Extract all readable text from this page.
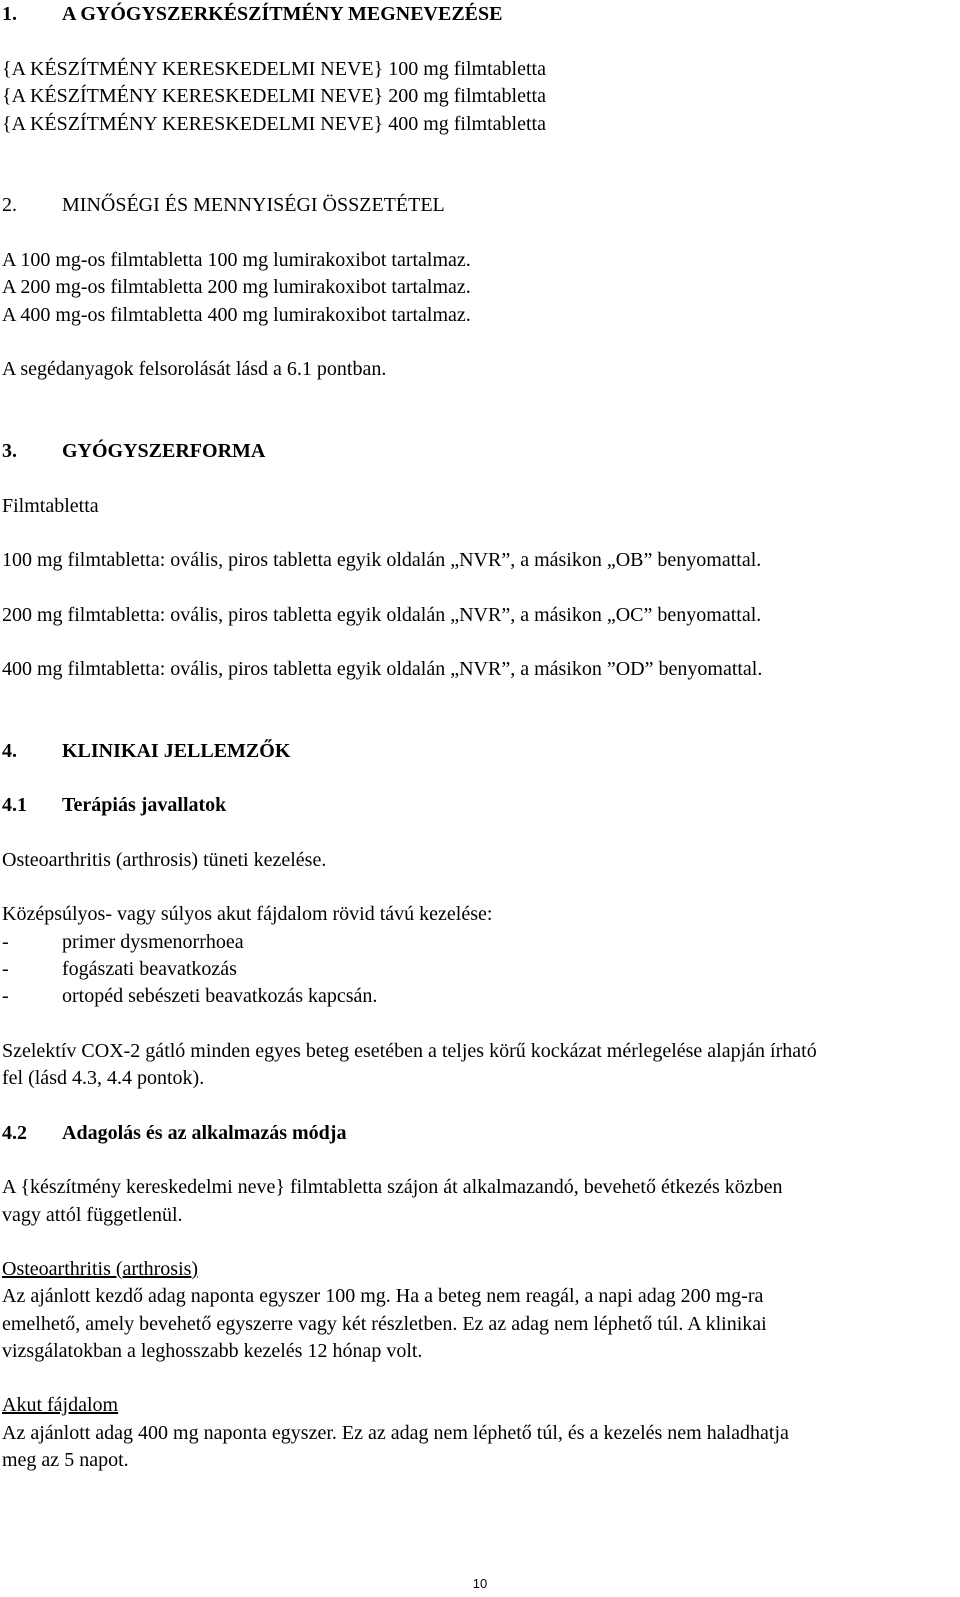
1. A GYÓGYSZERKÉSZÍTMÉNY MEGNEVEZÉSE
{A KÉSZÍTMÉNY KERESKEDELMI NEVE} 100 mg filmtabletta
{A KÉSZÍTMÉNY KERESKEDELMI NEVE} 200 mg filmtabletta
{A KÉSZÍTMÉNY KERESKEDELMI NEVE} 400 mg filmtabletta
2. MINŐSÉGI ÉS MENNYISÉGI ÖSSZETÉTEL
A 100 mg-os filmtabletta 100 mg lumirakoxibot tartalmaz.
A 200 mg-os filmtabletta 200 mg lumirakoxibot tartalmaz.
A 400 mg-os filmtabletta 400 mg lumirakoxibot tartalmaz.
A segédanyagok felsorolását lásd a 6.1 pontban.
3. GYÓGYSZERFORMA
Filmtabletta
100 mg filmtabletta: ovális, piros tabletta egyik oldalán „NVR”, a másikon „OB” benyomattal.
200 mg filmtabletta: ovális, piros tabletta egyik oldalán „NVR”, a másikon „OC” benyomattal.
400 mg filmtabletta: ovális, piros tabletta egyik oldalán „NVR”, a másikon ”OD” benyomattal.
4. KLINIKAI JELLEMZŐK
4.1 Terápiás javallatok
Osteoarthritis (arthrosis) tüneti kezelése.
Középsúlyos- vagy súlyos akut fájdalom rövid távú kezelése:
-	primer dysmenorrhoea
-	fogászati beavatkozás
-	ortopéd sebészeti beavatkozás kapcsán.
Szelektív COX-2 gátló minden egyes beteg esetében a teljes körű kockázat mérlegelése alapján írható
fel (lásd 4.3, 4.4 pontok).
4.2 Adagolás és az alkalmazás módja
A {készítmény kereskedelmi neve} filmtabletta szájon át alkalmazandó, bevehető étkezés közben
vagy attól függetlenül.
Osteoarthritis (arthrosis)
Az ajánlott kezdő adag naponta egyszer 100 mg. Ha a beteg nem reagál, a napi adag 200 mg-ra
emelhető, amely bevehető egyszerre vagy két részletben. Ez az adag nem léphető túl. A klinikai
vizsgálatokban a leghosszabb kezelés 12 hónap volt.
Akut fájdalom
Az ajánlott adag 400 mg naponta egyszer. Ez az adag nem léphető túl, és a kezelés nem haladhatja
meg az 5 napot.
10
